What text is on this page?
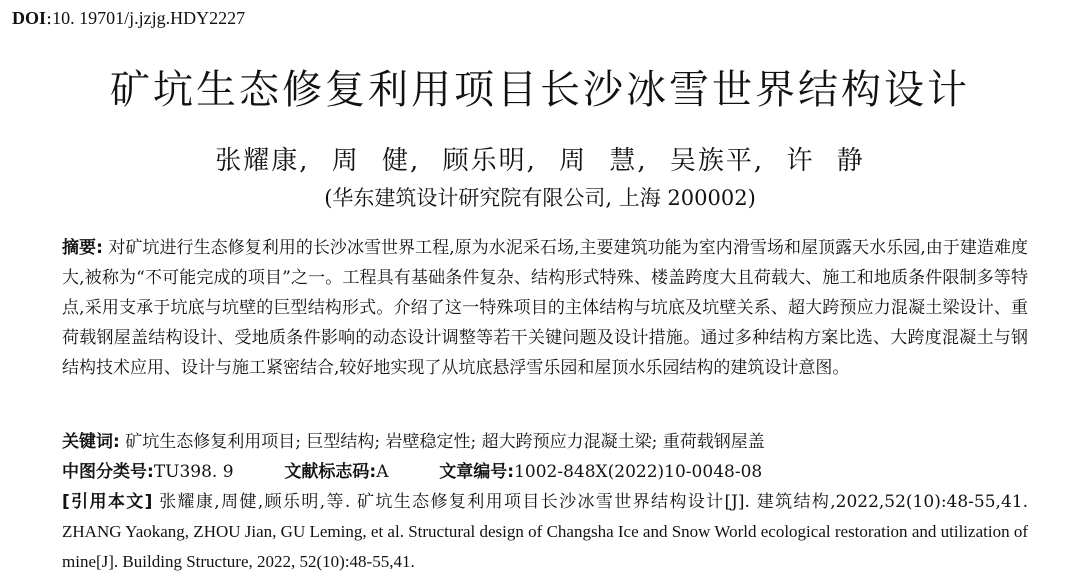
DOI:10. 19701/j.jzjg.HDY2227
矿坑生态修复利用项目长沙冰雪世界结构设计
张耀康, 周 健, 顾乐明, 周 慧, 吴族平, 许 静
(华东建筑设计研究院有限公司, 上海 200002)
摘要: 对矿坑进行生态修复利用的长沙冰雪世界工程,原为水泥采石场,主要建筑功能为室内滑雪场和屋顶露天水乐园,由于建造难度大,被称为“不可能完成的项目”之一。工程具有基础条件复杂、结构形式特殊、楼盖跨度大且荷载大、施工和地质条件限制多等特点,采用支承于坑底与坑壁的巨型结构形式。介绍了这一特殊项目的主体结构与坑底及坑壁关系、超大跨预应力混凝土梁设计、重荷载钢屋盖结构设计、受地质条件影响的动态设计调整等若干关键问题及设计措施。通过多种结构方案比选、大跨度混凝土与钢结构技术应用、设计与施工紧密结合,较好地实现了从坑底悬浮雪乐园和屋顶水乐园结构的建筑设计意图。
关键词: 矿坑生态修复利用项目; 巨型结构; 岩壁稳定性; 超大跨预应力混凝土梁; 重荷载钢屋盖
中图分类号:TU398. 9	文献标志码:A	文章编号:1002-848X(2022)10-0048-08
[引用本文] 张耀康,周健,顾乐明,等. 矿坑生态修复利用项目长沙冰雪世界结构设计[J]. 建筑结构,2022,52(10):48-55,41. ZHANG Yaokang, ZHOU Jian, GU Leming, et al. Structural design of Changsha Ice and Snow World ecological restoration and utilization of mine[J]. Building Structure, 2022, 52(10):48-55,41.
